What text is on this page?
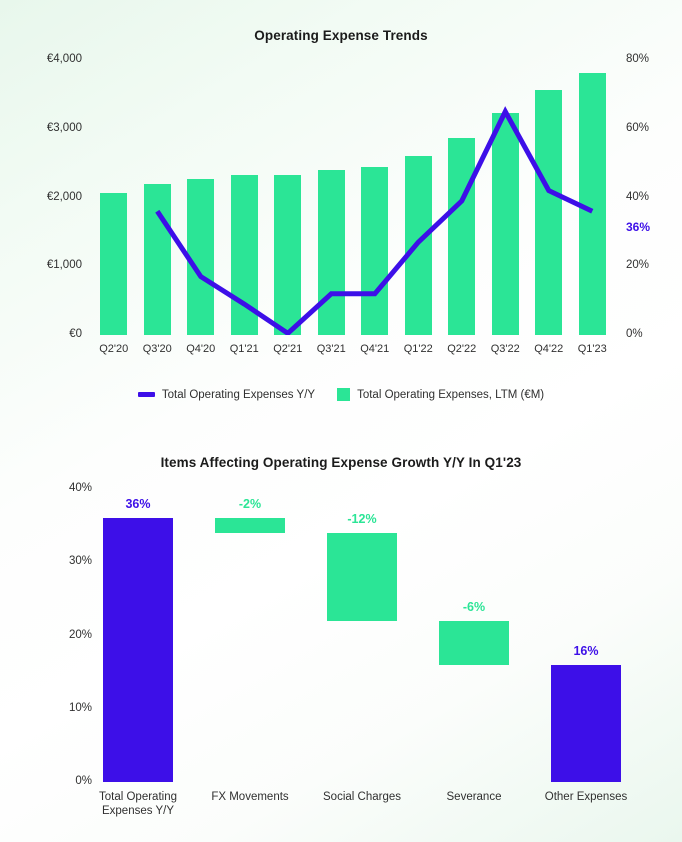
Operating Expense Trends
€0
€1,000
€2,000
€3,000
€4,000
0%
20%
40%
60%
80%
Q2'20	Q3'20	Q4'20	Q1'21	Q2'21	Q3'21	Q4'21	Q1'22	Q2'22	Q3'22	Q4'22	Q1'23
36%
Total Operating Expenses Y/Y	Total Operating Expenses, LTM (€M)
Items Affecting Operating Expense Growth Y/Y In Q1'23
0%
10%
20%
30%
40%
36%	-2%
-12%
-6%
16%
Total Operating Expenses Y/Y
FX Movements	Social Charges	Severance	Other Expenses
